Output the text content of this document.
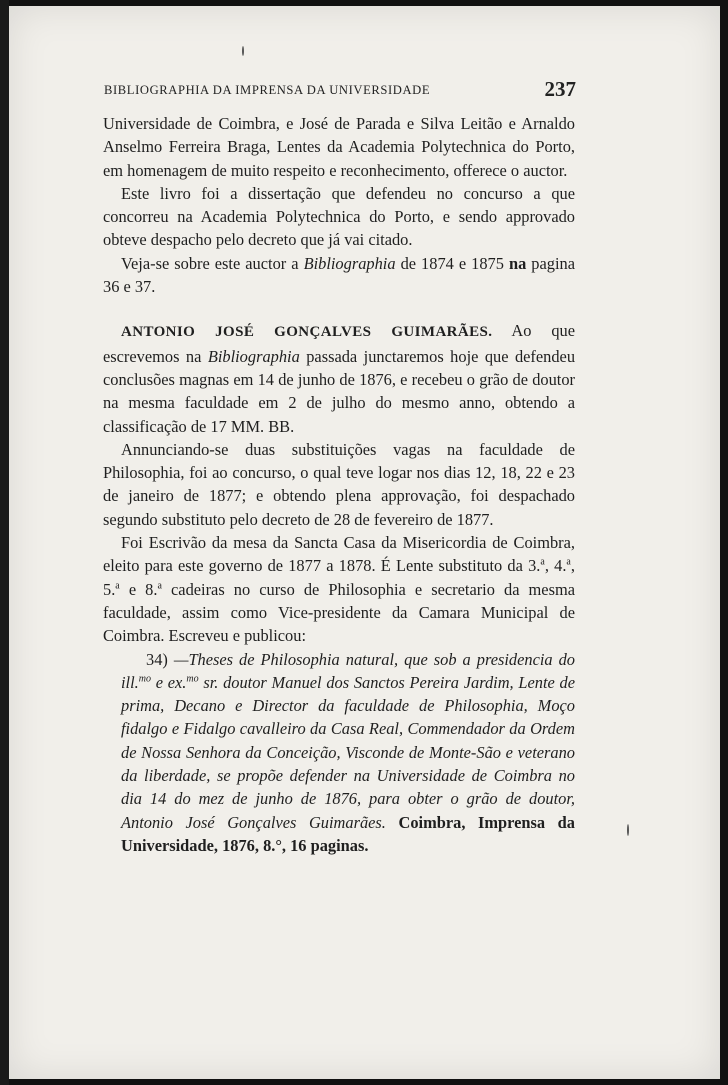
BIBLIOGRAPHIA DA IMPRENSA DA UNIVERSIDADE	237

Universidade de Coimbra, e José de Parada e Silva Leitão e Arnaldo Anselmo Ferreira Braga, Lentes da Academia Polytechnica do Porto, em homenagem de muito respeito e reconhecimento, offerece o auctor.

Este livro foi a dissertação que defendeu no concurso a que concorreu na Academia Polytechnica do Porto, e sendo approvado obteve despacho pelo decreto que já vai citado.

Veja-se sobre este auctor a Bibliographia de 1874 e 1875 na pagina 36 e 37.

ANTONIO JOSÉ GONÇALVES GUIMARÃES. Ao que escrevemos na Bibliographia passada junctaremos hoje que defendeu conclusões magnas em 14 de junho de 1876, e recebeu o grão de doutor na mesma faculdade em 2 de julho do mesmo anno, obtendo a classificação de 17 MM. BB.

Annunciando-se duas substituições vagas na faculdade de Philosophia, foi ao concurso, o qual teve logar nos dias 12, 18, 22 e 23 de janeiro de 1877; e obtendo plena approvação, foi despachado segundo substituto pelo decreto de 28 de fevereiro de 1877.

Foi Escrivão da mesa da Sancta Casa da Misericordia de Coimbra, eleito para este governo de 1877 a 1878. É Lente substituto da 3.$^a$, 4.$^a$, 5.$^a$ e 8.$^a$ cadeiras no curso de Philosophia e secretario da mesma faculdade, assim como Vice-presidente da Camara Municipal de Coimbra. Escreveu e publicou:

34) —Theses de Philosophia natural, que sob a presidencia do ill.$^{mo}$ e ex.$^{mo}$ sr. doutor Manuel dos Sanctos Pereira Jardim, Lente de prima, Decano e Director da faculdade de Philosophia, Moço fidalgo e Fidalgo cavalleiro da Casa Real, Commendador da Ordem de Nossa Senhora da Conceição, Visconde de Monte-São e veterano da liberdade, se propõe defender na Universidade de Coimbra no dia 14 do mez de junho de 1876, para obter o grão de doutor, Antonio José Gonçalves Guimarães. Coimbra, Imprensa da Universidade, 1876, 8.°, 16 paginas.
